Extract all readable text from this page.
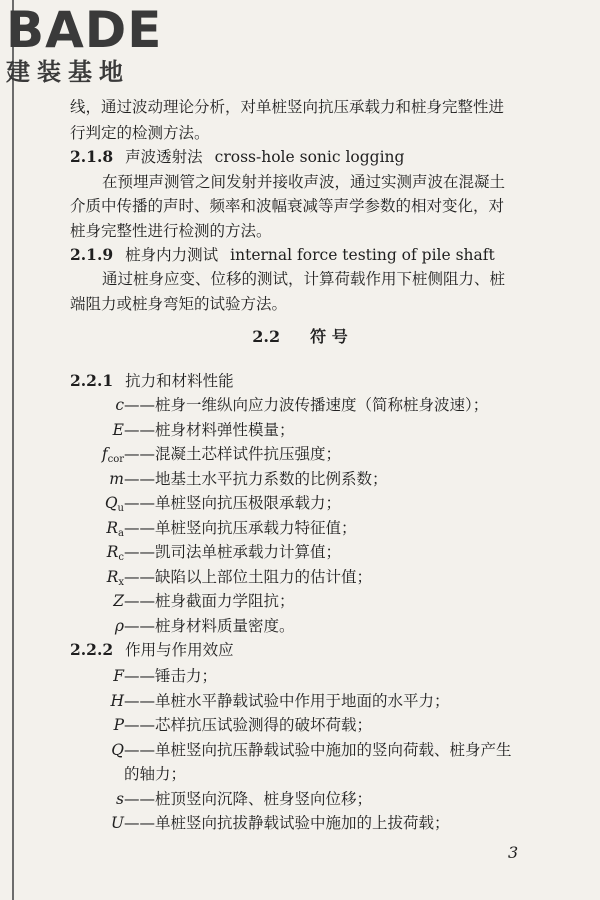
BADE
建装基地
线，通过波动理论分析，对单桩竖向抗压承载力和桩身完整性进
行判定的检测方法。
2.1.8 声波透射法 cross-hole sonic logging
在预埋声测管之间发射并接收声波，通过实测声波在混凝土
介质中传播的声时、频率和波幅衰减等声学参数的相对变化，对
桩身完整性进行检测的方法。
2.1.9 桩身内力测试 internal force testing of pile shaft
通过桩身应变、位移的测试，计算荷载作用下桩侧阻力、桩
端阻力或桩身弯矩的试验方法。
2.2 符 号
2.2.1 抗力和材料性能
c——桩身一维纵向应力波传播速度（简称桩身波速）；
E——桩身材料弹性模量；
$f_{cor}——$混凝土芯样试件抗压强度；
m——地基土水平抗力系数的比例系数；
$Q_u——$单桩竖向抗压极限承载力；
$R_a——$单桩竖向抗压承载力特征值；
$R_c——$凯司法单桩承载力计算值；
$R_x——$缺陷以上部位土阻力的估计值；
Z——桩身截面力学阻抗；
ρ——桩身材料质量密度。
2.2.2 作用与作用效应
F——锤击力；
H——单桩水平静载试验中作用于地面的水平力；
P——芯样抗压试验测得的破坏荷载；
Q——单桩竖向抗压静载试验中施加的竖向荷载、桩身产生
的轴力；
s——桩顶竖向沉降、桩身竖向位移；
U——单桩竖向抗拔静载试验中施加的上拔荷载；
3
